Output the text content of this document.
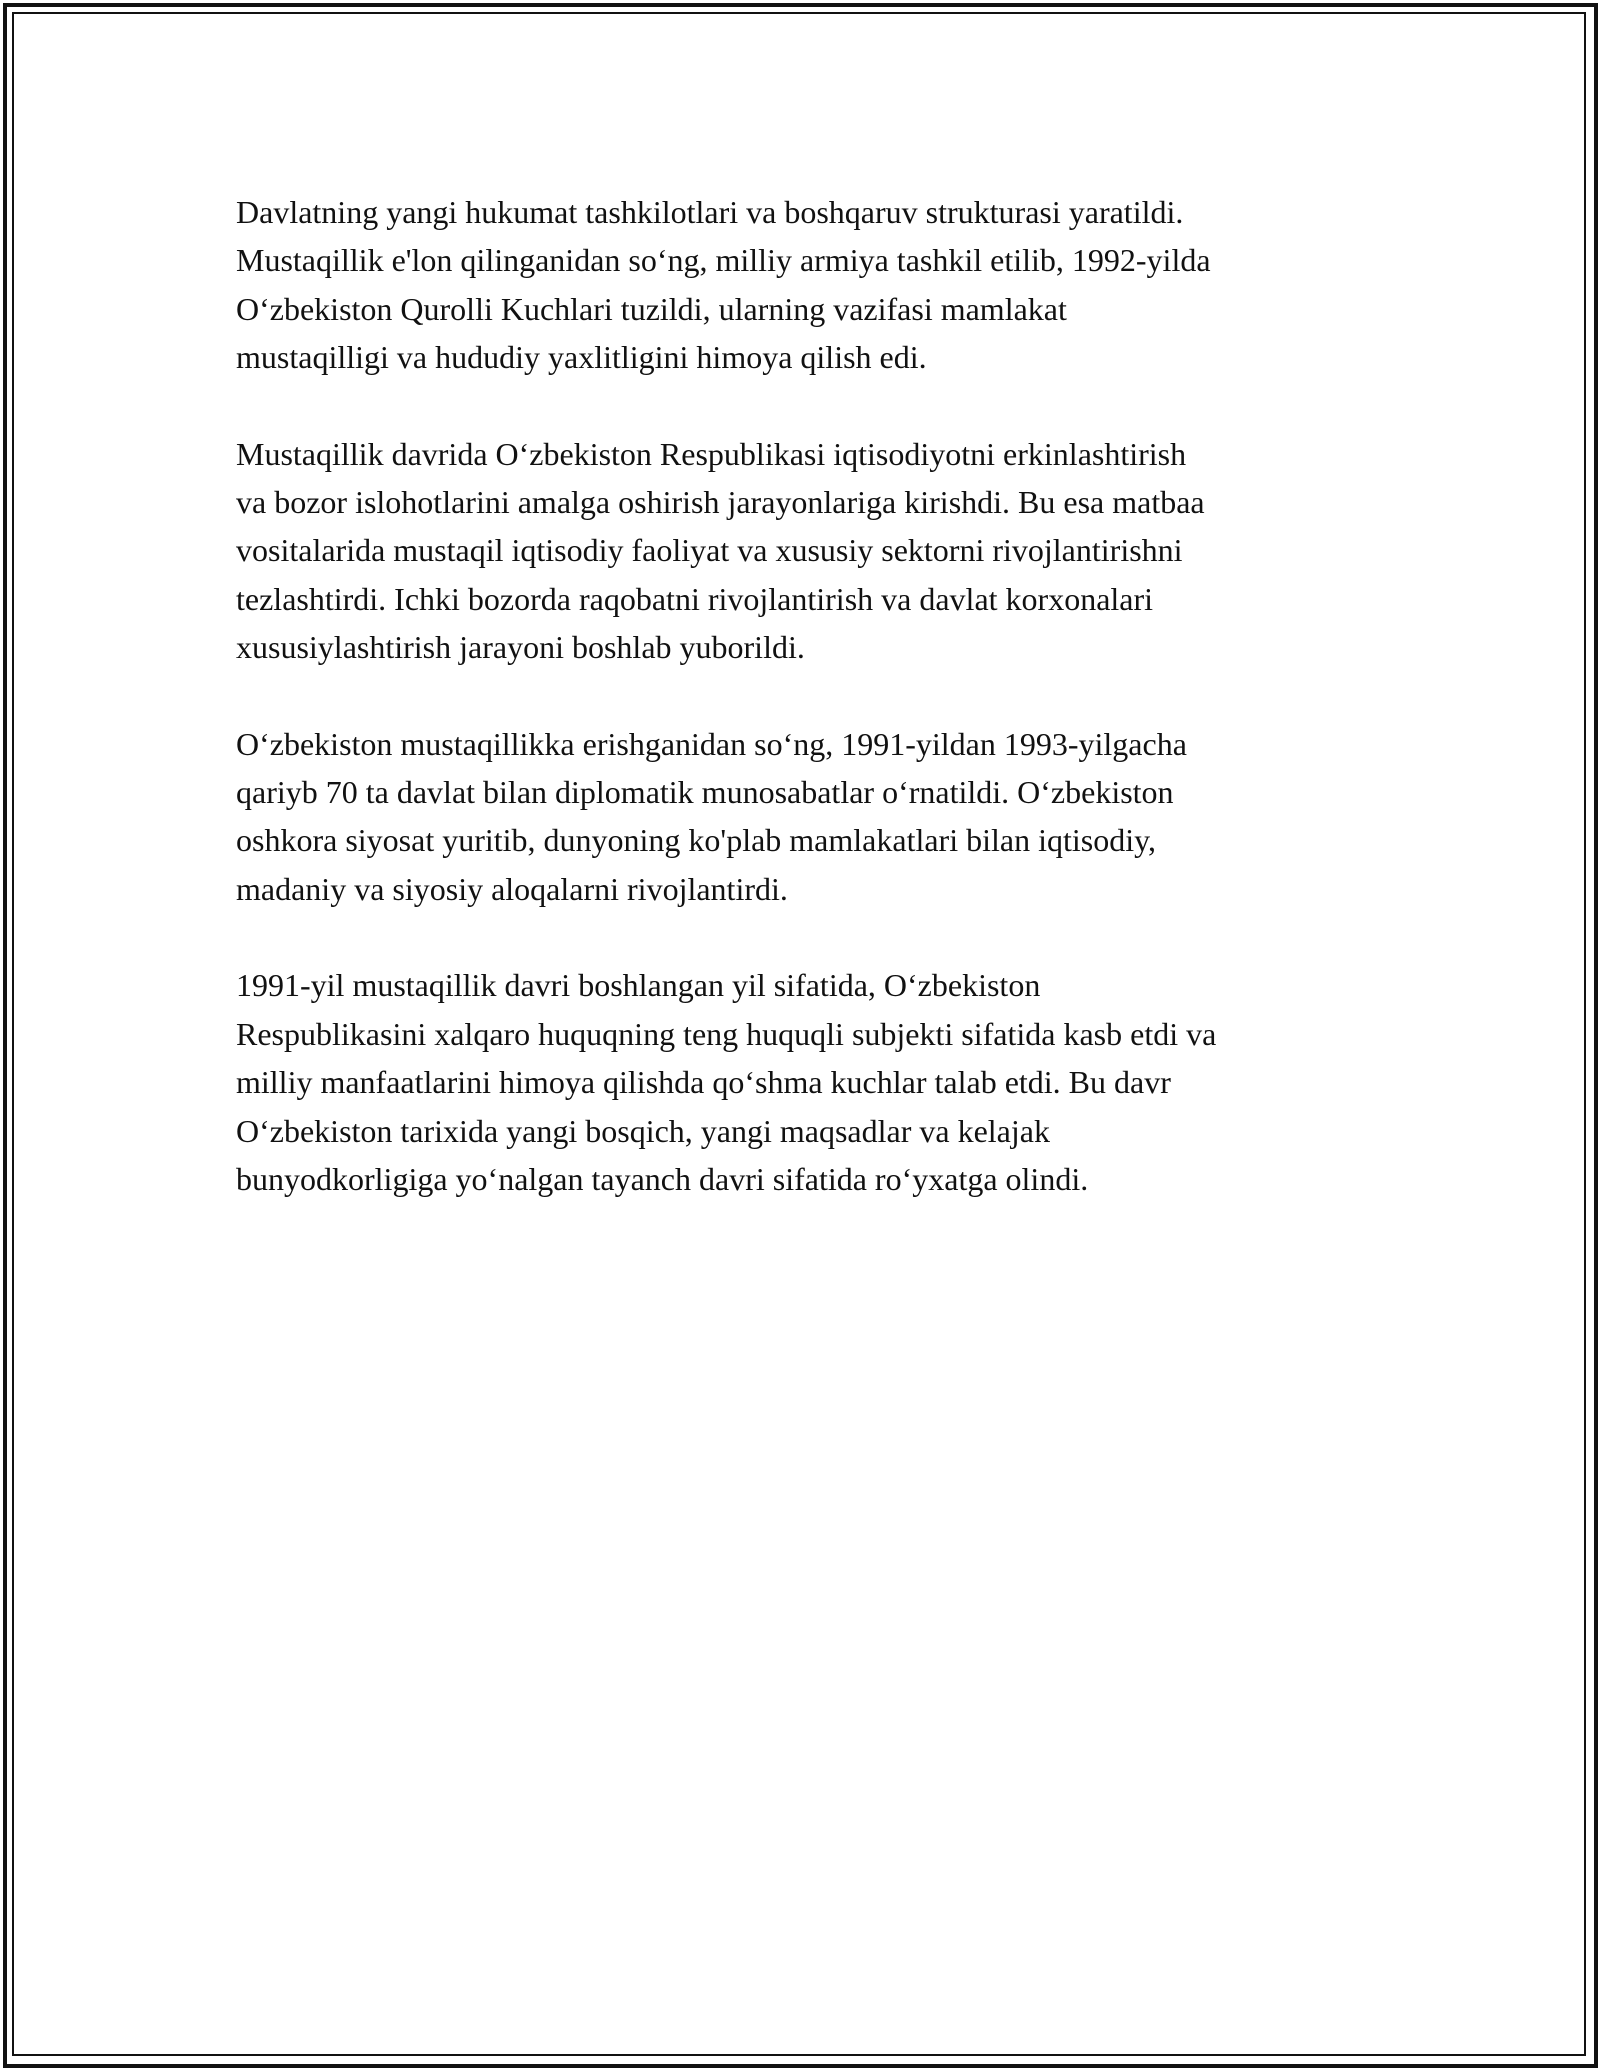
Davlatning yangi hukumat tashkilotlari va boshqaruv strukturasi yaratildi.
Mustaqillik e'lon qilinganidan so‘ng, milliy armiya tashkil etilib, 1992-yilda
O‘zbekiston Qurolli Kuchlari tuzildi, ularning vazifasi mamlakat
mustaqilligi va hududiy yaxlitligini himoya qilish edi.

Mustaqillik davrida O‘zbekiston Respublikasi iqtisodiyotni erkinlashtirish
va bozor islohotlarini amalga oshirish jarayonlariga kirishdi. Bu esa matbaa
vositalarida mustaqil iqtisodiy faoliyat va xususiy sektorni rivojlantirishni
tezlashtirdi. Ichki bozorda raqobatni rivojlantirish va davlat korxonalari
xususiylashtirish jarayoni boshlab yuborildi.

O‘zbekiston mustaqillikka erishganidan so‘ng, 1991-yildan 1993-yilgacha
qariyb 70 ta davlat bilan diplomatik munosabatlar o‘rnatildi. O‘zbekiston
oshkora siyosat yuritib, dunyoning ko'plab mamlakatlari bilan iqtisodiy,
madaniy va siyosiy aloqalarni rivojlantirdi.

1991-yil mustaqillik davri boshlangan yil sifatida, O‘zbekiston
Respublikasini xalqaro huquqning teng huquqli subjekti sifatida kasb etdi va
milliy manfaatlarini himoya qilishda qo‘shma kuchlar talab etdi. Bu davr
O‘zbekiston tarixida yangi bosqich, yangi maqsadlar va kelajak
bunyodkorligiga yo‘nalgan tayanch davri sifatida ro‘yxatga olindi.
